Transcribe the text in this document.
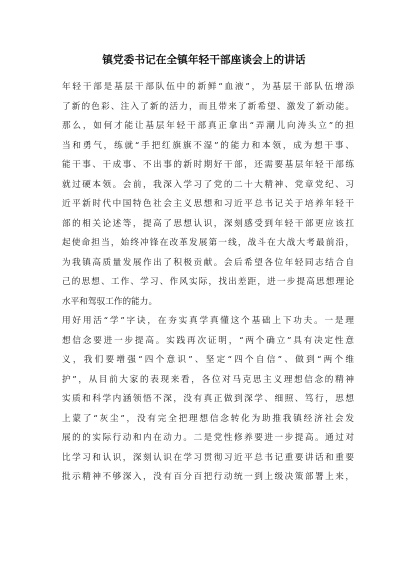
镇党委书记在全镇年轻干部座谈会上的讲话
年轻干部是基层干部队伍中的新鲜“血液”，为基层干部队伍增添
了新的色彩、注入了新的活力，而且带来了新希望、激发了新动能。
那么，如何才能让基层年轻干部真正拿出“弄潮儿向涛头立”的担
当和勇气，练就“手把红旗旗不湿”的能力和本领，成为想干事、
能干事、干成事、不出事的新时期好干部，还需要基层年轻干部练
就过硬本领。会前，我深入学习了党的二十大精神、党章党纪、习
近平新时代中国特色社会主义思想和习近平总书记关于培养年轻干
部的相关论述等，提高了思想认识，深刻感受到年轻干部更应该扛
起使命担当，始终冲锋在改革发展第一线，战斗在大战大考最前沿，
为我镇高质量发展作出了积极贡献。会后希望各位年轻同志结合自
己的思想、工作、学习、作风实际，找出差距，进一步提高思想理论
水平和驾驭工作的能力。
用好用活“学”字诀，在夯实真学真懂这个基础上下功夫。一是理
想信念要进一步提高。实践再次证明，“两个确立”具有决定性意
义，我们要增强“四个意识”、坚定“四个自信”、做到“两个维
护”，从目前大家的表现来看，各位对马克思主义理想信念的精神
实质和科学内涵领悟不深，没有真正做到深学、细照、笃行，思想
上蒙了“灰尘”，没有完全把理想信念转化为助推我镇经济社会发
展的的实际行动和内在动力。二是党性修养要进一步提高。通过对
比学习和认识，深刻认识在学习贯彻习近平总书记重要讲话和重要
批示精神不够深入，没有百分百把行动统一到上级决策部署上来，
